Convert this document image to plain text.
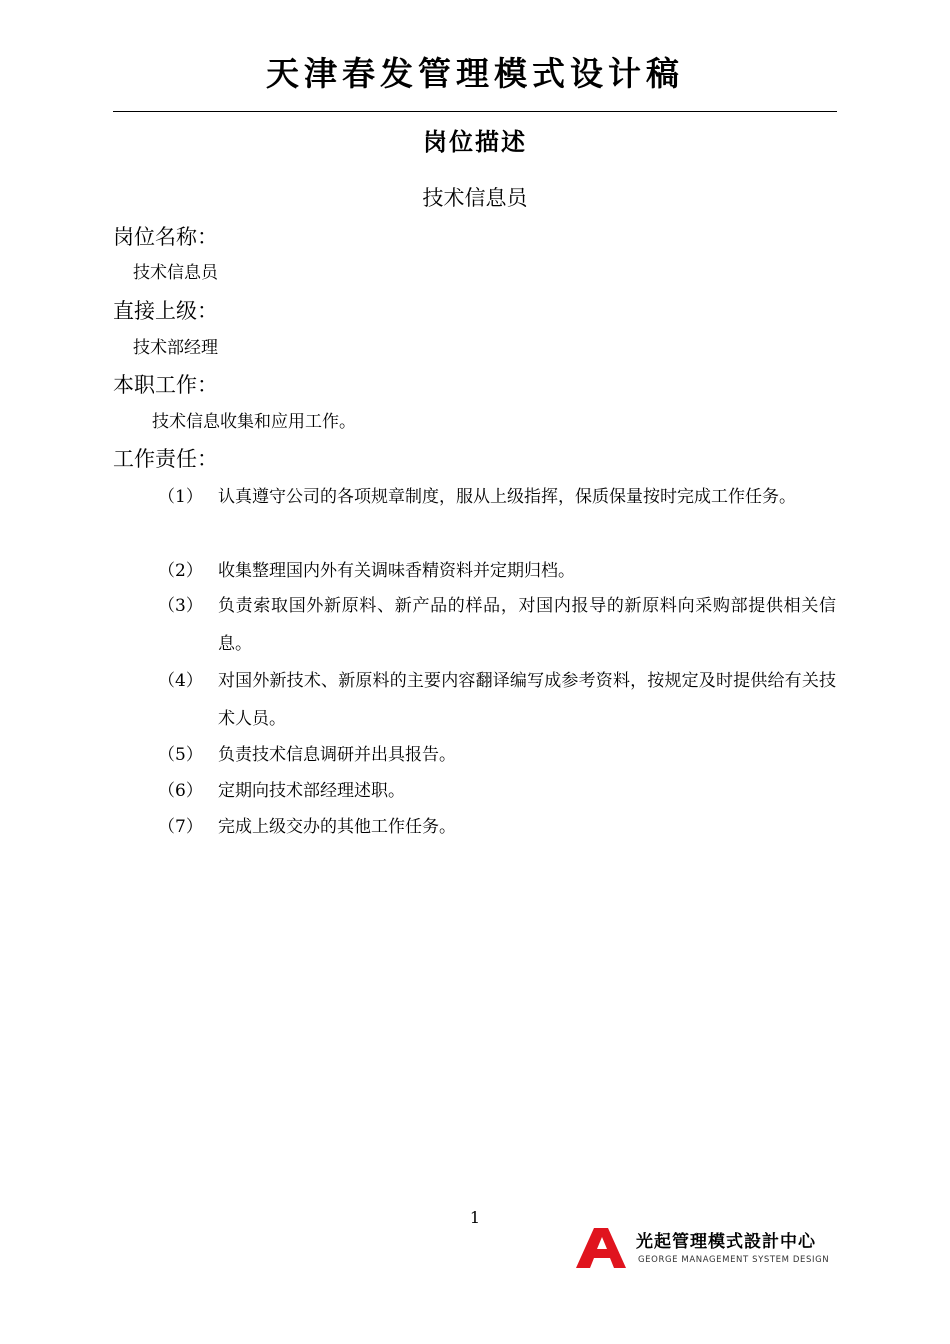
天津春发管理模式设计稿
岗位描述
技术信息员
岗位名称：
技术信息员
直接上级：
技术部经理
本职工作：
技术信息收集和应用工作。
工作责任：
（1） 认真遵守公司的各项规章制度，服从上级指挥，保质保量按时完成工作任务。
（2） 收集整理国内外有关调味香精资料并定期归档。
（3） 负责索取国外新原料、新产品的样品，对国内报导的新原料向采购部提供相关信息。
（4） 对国外新技术、新原料的主要内容翻译编写成参考资料，按规定及时提供给有关技术人员。
（5） 负责技术信息调研并出具报告。
（6） 定期向技术部经理述职。
（7） 完成上级交办的其他工作任务。
1
光起管理模式設計中心
GEORGE MANAGEMENT SYSTEM DESIGN
